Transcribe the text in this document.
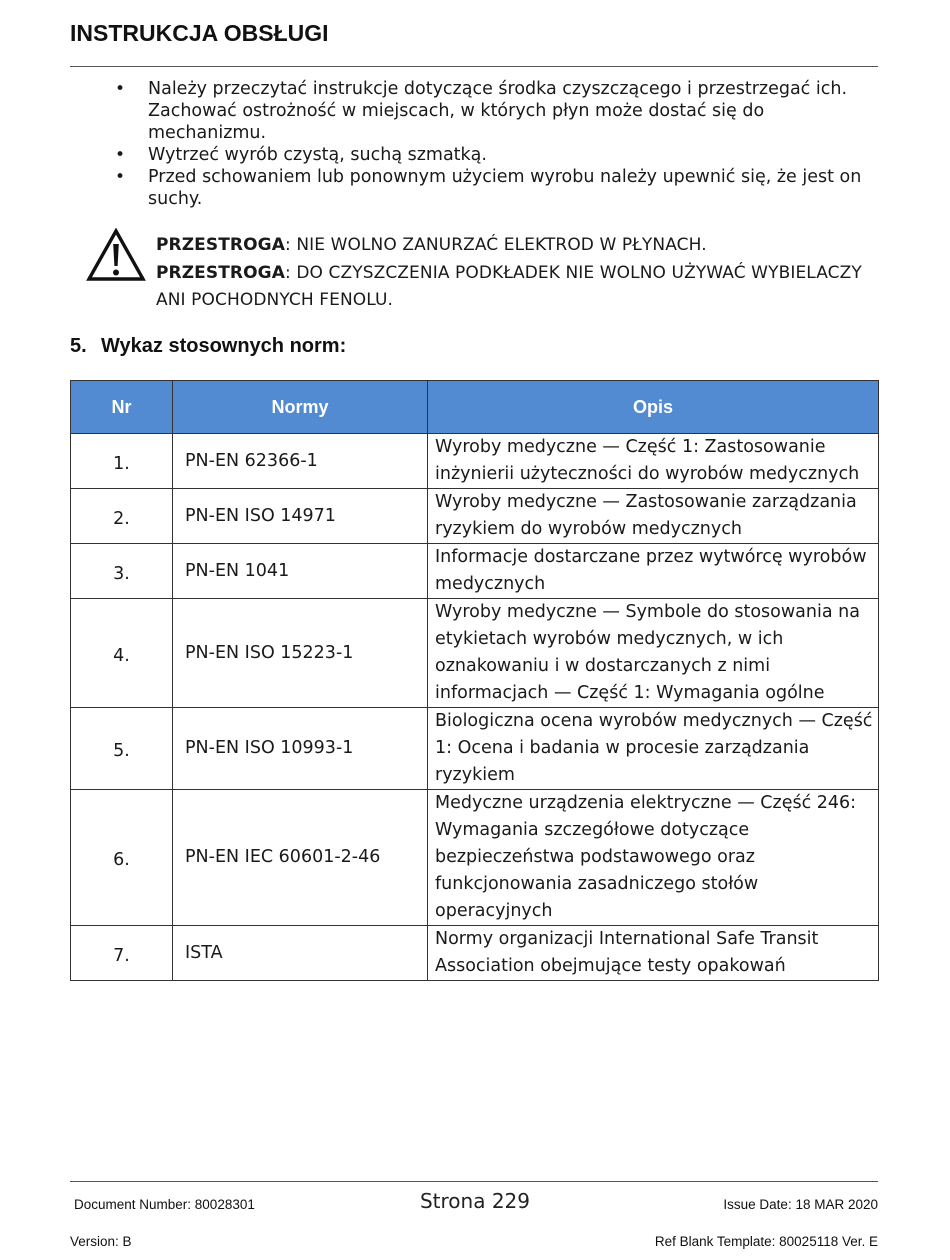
INSTRUKCJA OBSŁUGI
• Należy przeczytać instrukcje dotyczące środka czyszczącego i przestrzegać ich. Zachować ostrożność w miejscach, w których płyn może dostać się do mechanizmu.
• Wytrzeć wyrób czystą, suchą szmatką.
• Przed schowaniem lub ponownym użyciem wyrobu należy upewnić się, że jest on suchy.
PRZESTROGA: NIE WOLNO ZANURZAĆ ELEKTROD W PŁYNACH.
PRZESTROGA: DO CZYSZCZENIA PODKŁADEK NIE WOLNO UŻYWAĆ WYBIELACZY ANI POCHODNYCH FENOLU.
5. Wykaz stosownych norm:
Nr	Normy	Opis
1.	PN-EN 62366-1	Wyroby medyczne — Część 1: Zastosowanie inżynierii użyteczności do wyrobów medycznych
2.	PN-EN ISO 14971	Wyroby medyczne — Zastosowanie zarządzania ryzykiem do wyrobów medycznych
3.	PN-EN 1041	Informacje dostarczane przez wytwórcę wyrobów medycznych
4.	PN-EN ISO 15223-1	Wyroby medyczne — Symbole do stosowania na etykietach wyrobów medycznych, w ich oznakowaniu i w dostarczanych z nimi informacjach — Część 1: Wymagania ogólne
5.	PN-EN ISO 10993-1	Biologiczna ocena wyrobów medycznych — Część 1: Ocena i badania w procesie zarządzania ryzykiem
6.	PN-EN IEC 60601-2-46	Medyczne urządzenia elektryczne — Część 246: Wymagania szczegółowe dotyczące bezpieczeństwa podstawowego oraz funkcjonowania zasadniczego stołów operacyjnych
7.	ISTA	Normy organizacji International Safe Transit Association obejmujące testy opakowań
Document Number: 80028301	Strona 229	Issue Date: 18 MAR 2020
Version: B	Ref Blank Template: 80025118 Ver. E
